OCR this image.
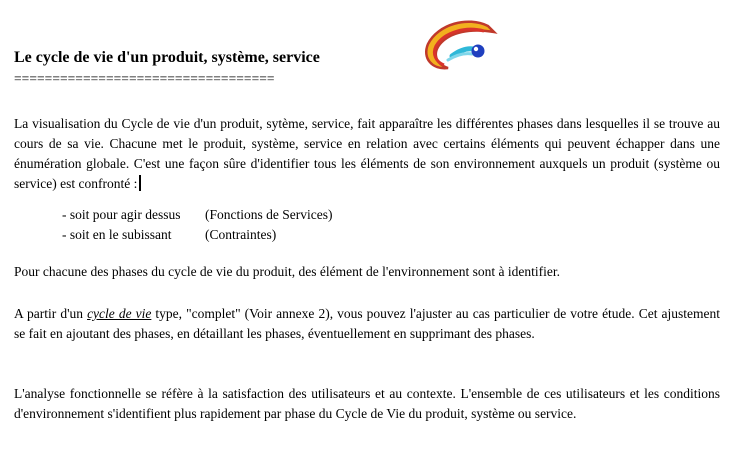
Le cycle de vie d'un produit, système, service
==================================

La visualisation du Cycle de vie d'un produit, sytème, service, fait apparaître les différentes phases dans lesquelles il se trouve au cours de sa vie. Chacune met le produit, système, service en relation avec certains éléments qui peuvent échapper dans une énumération globale. C'est une façon sûre d'identifier tous les éléments de son environnement auxquels un produit (système ou service) est confronté :

- soit pour agir dessus (Fonctions de Services)
- soit en le subissant (Contraintes)

Pour chacune des phases du cycle de vie du produit, des élément de l'environnement sont à identifier.

A partir d'un cycle de vie type, "complet" (Voir annexe 2), vous pouvez l'ajuster au cas particulier de votre étude. Cet ajustement se fait en ajoutant des phases, en détaillant les phases, éventuellement en supprimant des phases.

L'analyse fonctionnelle se réfère à la satisfaction des utilisateurs et au contexte. L'ensemble de ces utilisateurs et les conditions d'environnement s'identifient plus rapidement par phase du Cycle de Vie du produit, système ou service.
